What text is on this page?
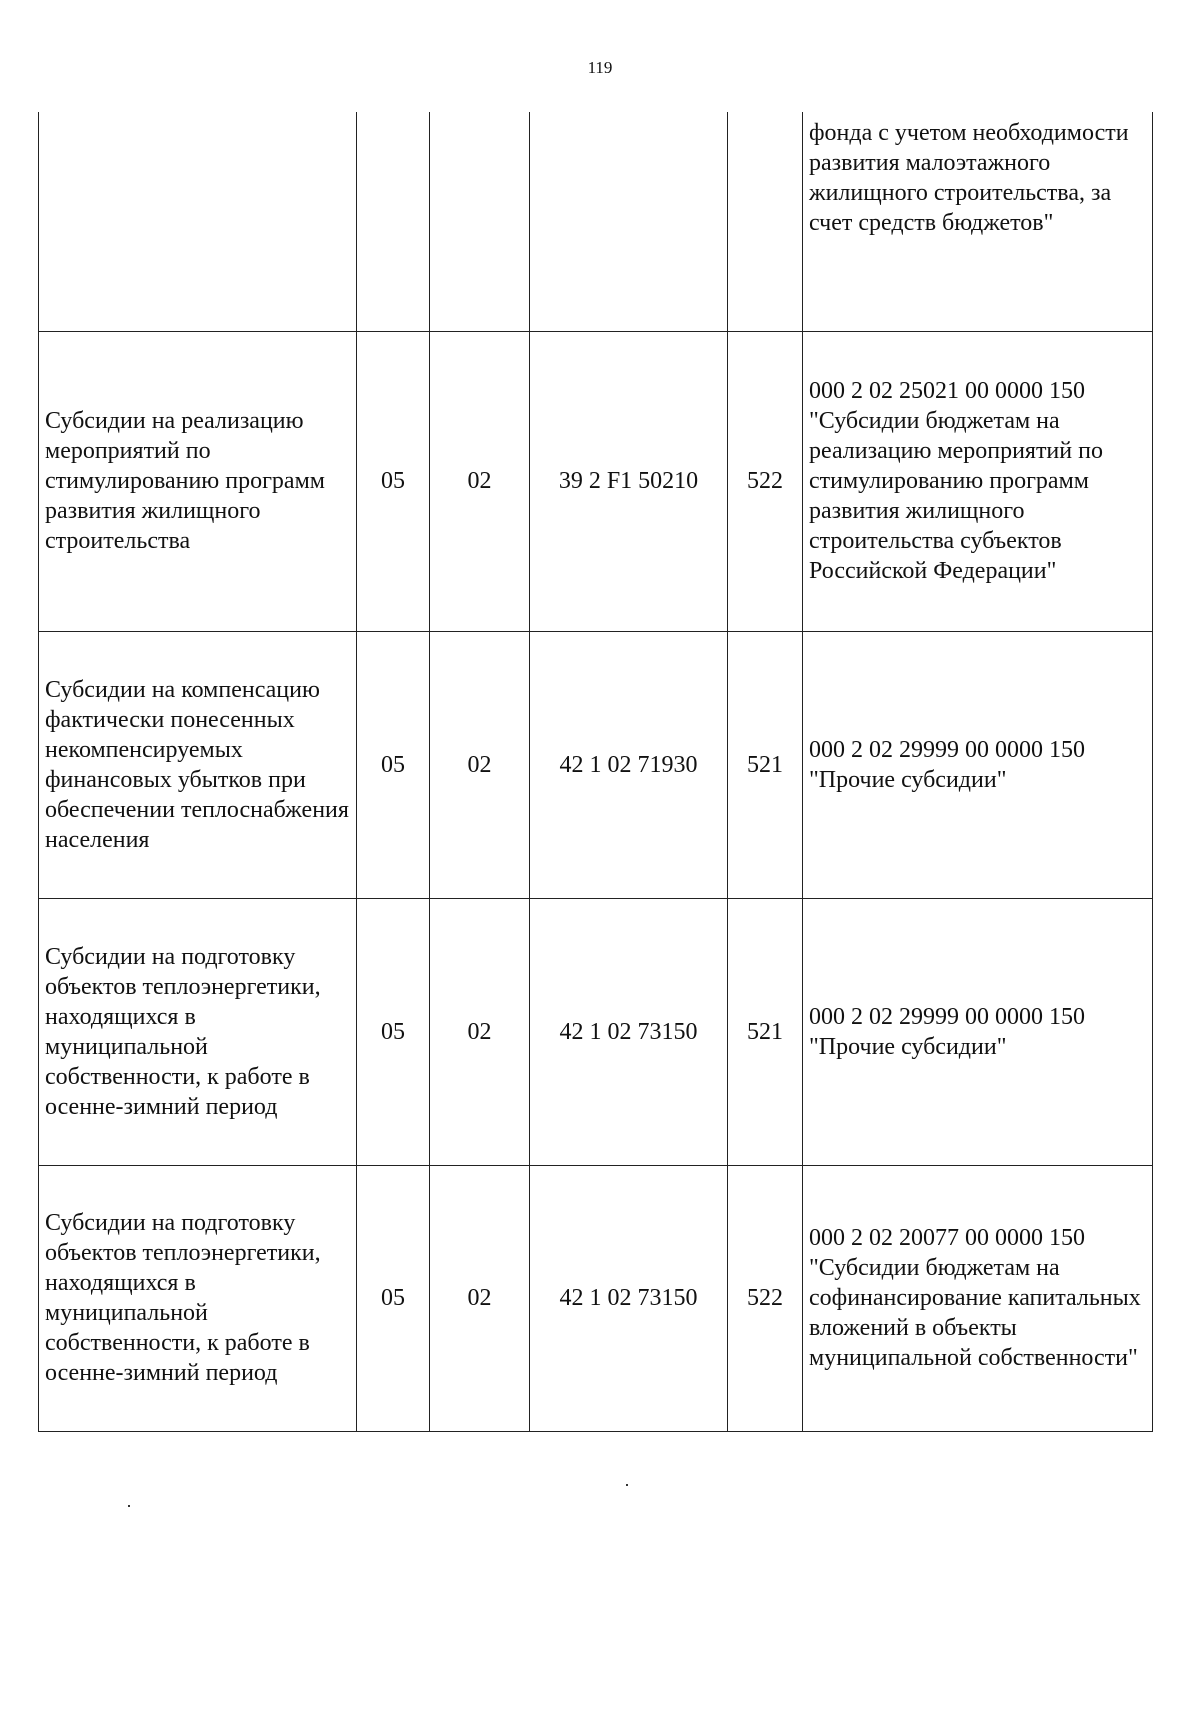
119
					фонда с учетом необходимости развития малоэтажного жилищного строительства, за счет средств бюджетов"
Субсидии на реализацию мероприятий по стимулированию программ развития жилищного строительства	05	02	39 2 F1 50210	522	000 2 02 25021 00 0000 150 "Субсидии бюджетам на реализацию мероприятий по стимулированию программ развития жилищного строительства субъектов Российской Федерации"
Субсидии на компенсацию фактически понесенных некомпенсируемых финансовых убытков при обеспечении теплоснабжения населения	05	02	42 1 02 71930	521	000 2 02 29999 00 0000 150 "Прочие субсидии"
Субсидии на подготовку объектов теплоэнергетики, находящихся в муниципальной собственности, к работе в осенне-зимний период	05	02	42 1 02 73150	521	000 2 02 29999 00 0000 150 "Прочие субсидии"
Субсидии на подготовку объектов теплоэнергетики, находящихся в муниципальной собственности, к работе в осенне-зимний период	05	02	42 1 02 73150	522	000 2 02 20077 00 0000 150 "Субсидии бюджетам на софинансирование капитальных вложений в объекты муниципальной собственности"
